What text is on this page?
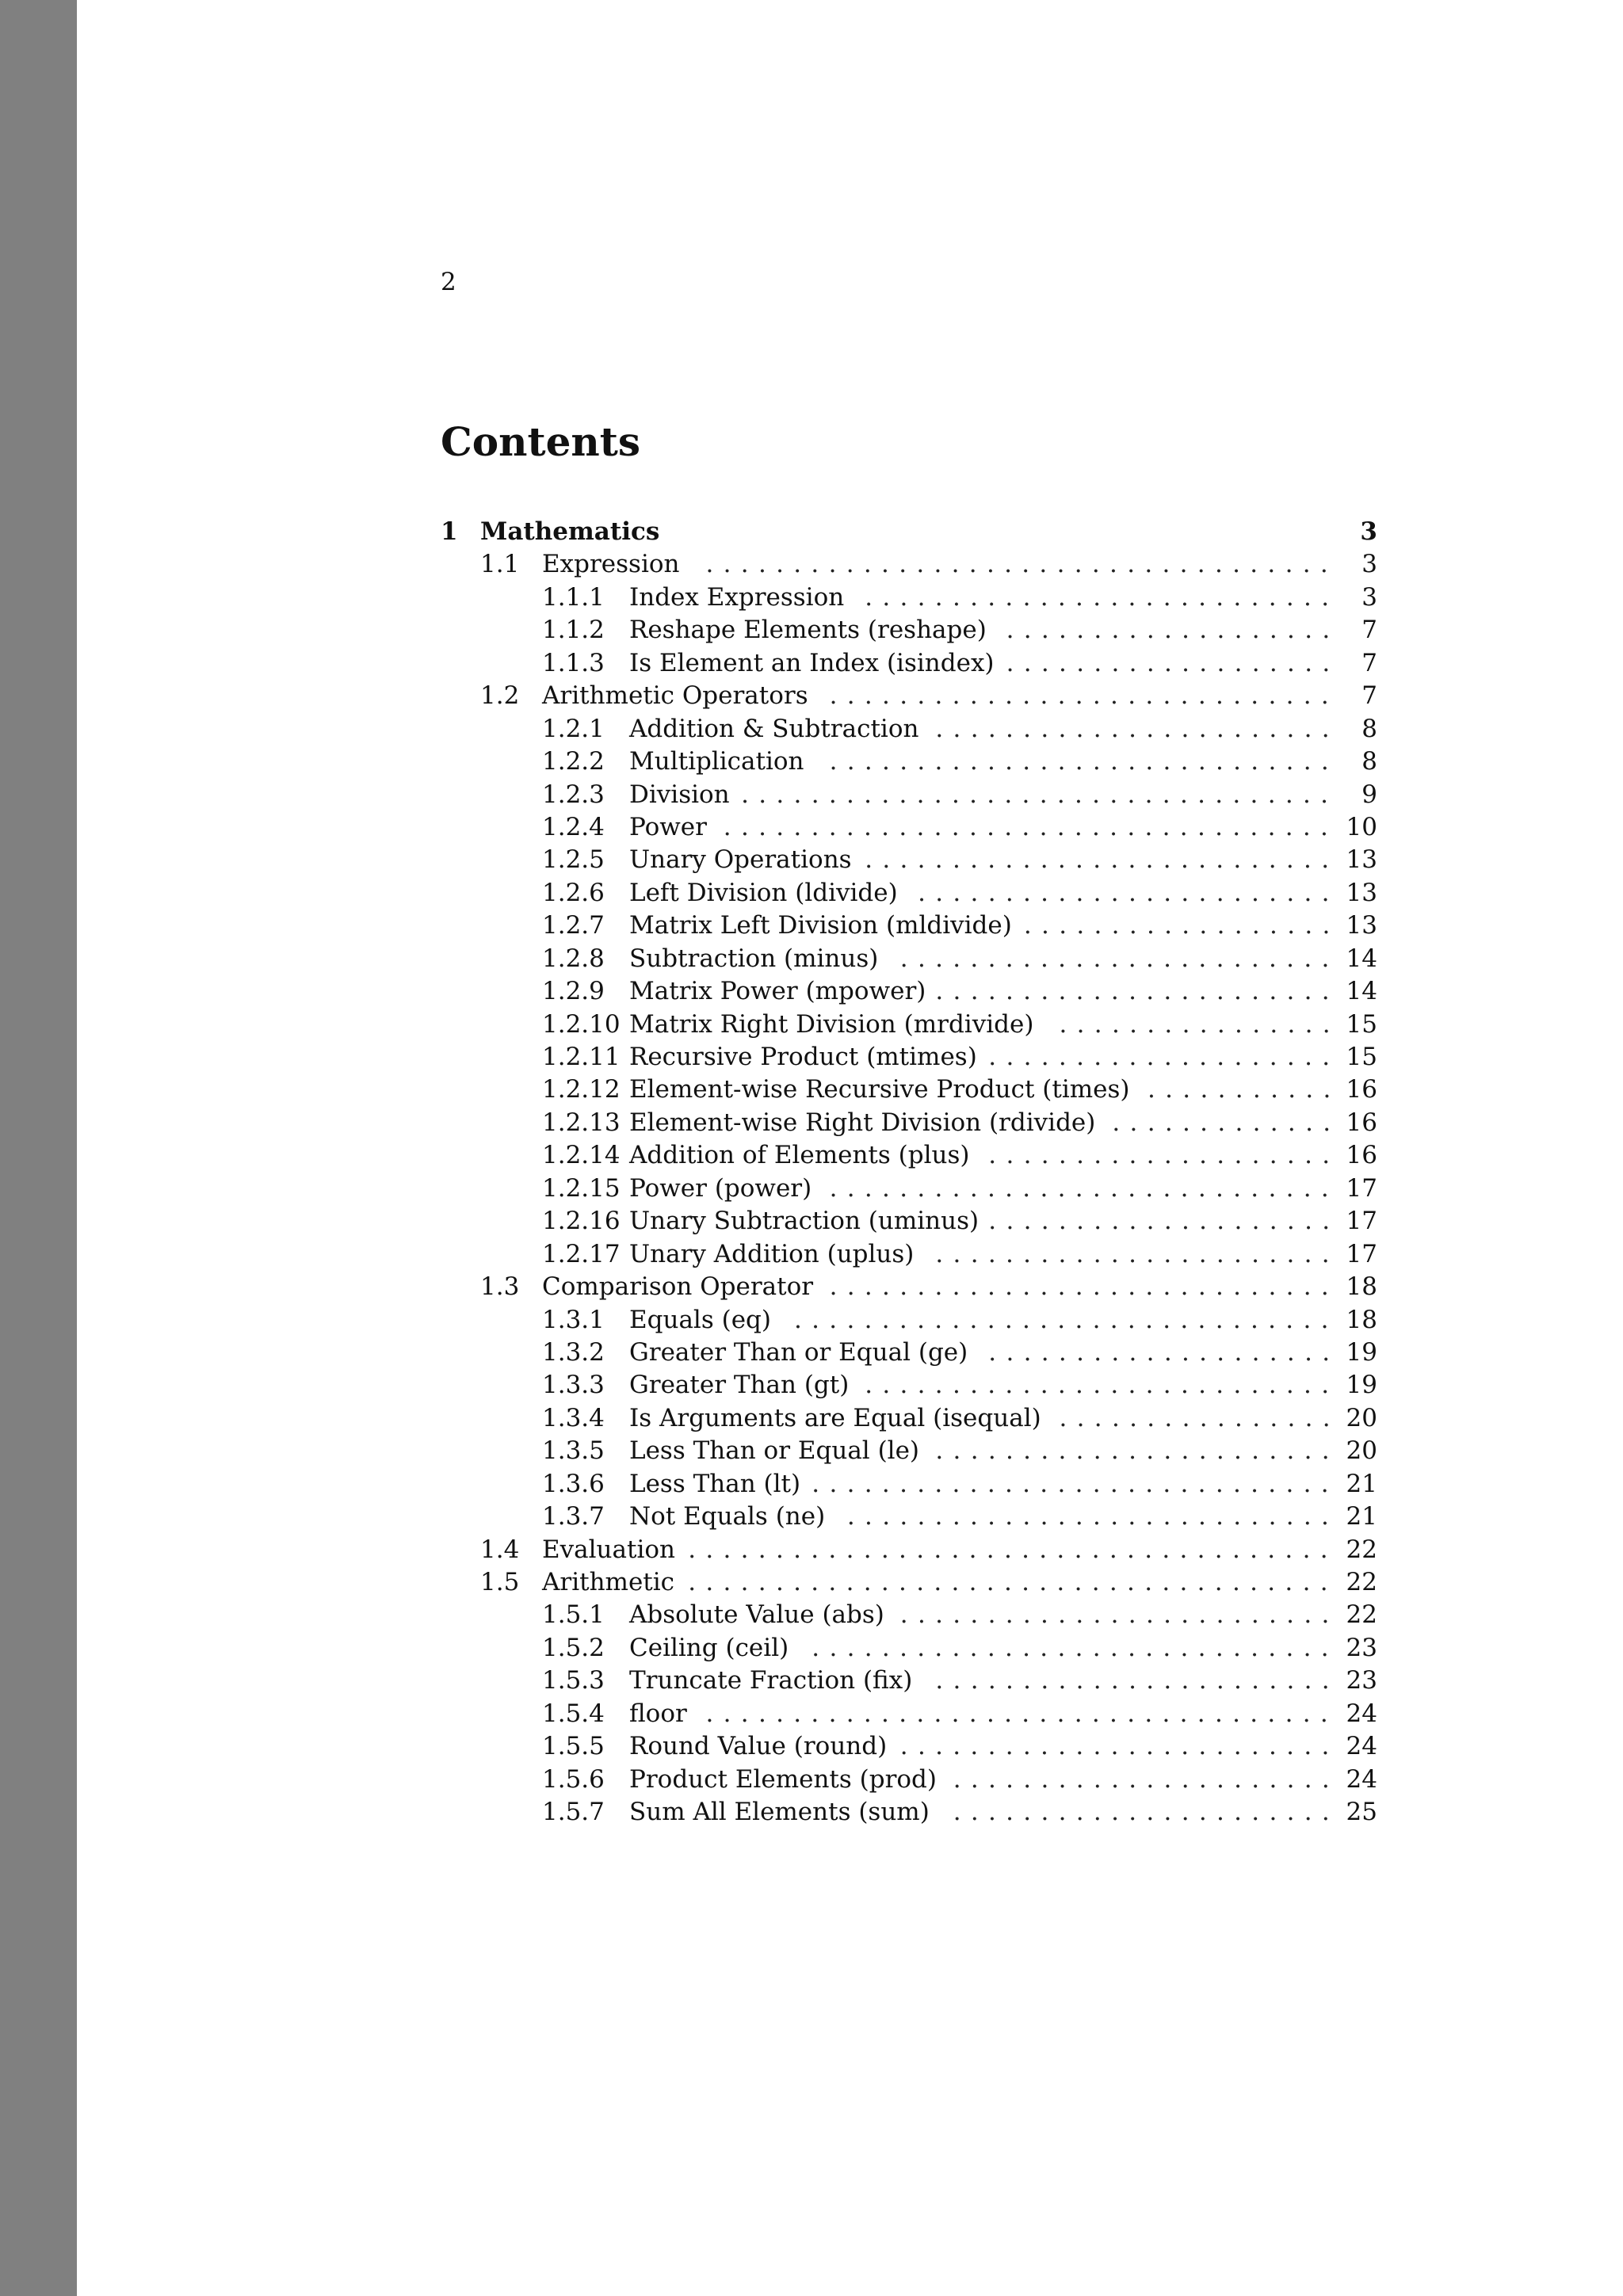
2
Contents
1 Mathematics	3
1.1 Expression .................................... 3
1.1.1 Index Expression ........................... 3
1.1.2 Reshape Elements (reshape) ................... 7
1.1.3 Is Element an Index (isindex) ................... 7
1.2 Arithmetic Operators ............................. 7
1.2.1 Addition & Subtraction ....................... 8
1.2.2 Multiplication ............................. 8
1.2.3 Division .................................. 9
1.2.4 Power ................................... 10
1.2.5 Unary Operations ........................... 13
1.2.6 Left Division (ldivide) ........................ 13
1.2.7 Matrix Left Division (mldivide) .................. 13
1.2.8 Subtraction (minus) ......................... 14
1.2.9 Matrix Power (mpower) ....................... 14
1.2.10 Matrix Right Division (mrdivide) ................ 15
1.2.11 Recursive Product (mtimes) .................... 15
1.2.12 Element-wise Recursive Product (times) ........... 16
1.2.13 Element-wise Right Division (rdivide) ............. 16
1.2.14 Addition of Elements (plus) .................... 16
1.2.15 Power (power) ............................. 17
1.2.16 Unary Subtraction (uminus) .................... 17
1.2.17 Unary Addition (uplus) ....................... 17
1.3 Comparison Operator ............................. 18
1.3.1 Equals (eq) ............................... 18
1.3.2 Greater Than or Equal (ge) .................... 19
1.3.3 Greater Than (gt) ........................... 19
1.3.4 Is Arguments are Equal (isequal) ................ 20
1.3.5 Less Than or Equal (le) ....................... 20
1.3.6 Less Than (lt) .............................. 21
1.3.7 Not Equals (ne) ............................ 21
1.4 Evaluation ..................................... 22
1.5 Arithmetic ..................................... 22
1.5.1 Absolute Value (abs) ......................... 22
1.5.2 Ceiling (ceil) .............................. 23
1.5.3 Truncate Fraction (fix) ....................... 23
1.5.4 floor .................................... 24
1.5.5 Round Value (round) ......................... 24
1.5.6 Product Elements (prod) ...................... 24
1.5.7 Sum All Elements (sum) ...................... 25
